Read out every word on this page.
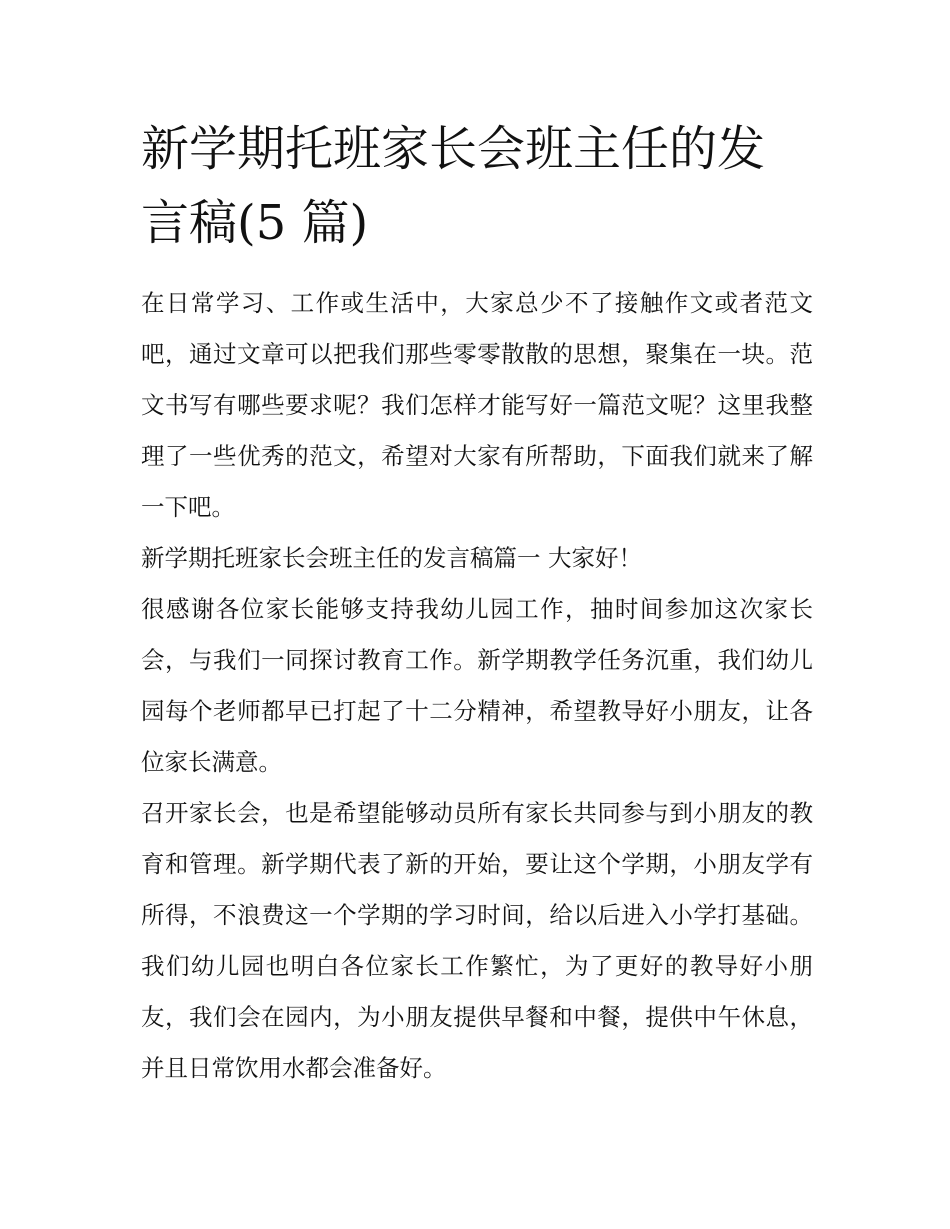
新学期托班家长会班主任的发言稿(5 篇)

在日常学习、工作或生活中，大家总少不了接触作文或者范文吧，通过文章可以把我们那些零零散散的思想，聚集在一块。范文书写有哪些要求呢？我们怎样才能写好一篇范文呢？这里我整理了一些优秀的范文，希望对大家有所帮助，下面我们就来了解一下吧。

新学期托班家长会班主任的发言稿篇一 大家好！

很感谢各位家长能够支持我幼儿园工作，抽时间参加这次家长会，与我们一同探讨教育工作。新学期教学任务沉重，我们幼儿园每个老师都早已打起了十二分精神，希望教导好小朋友，让各位家长满意。

召开家长会，也是希望能够动员所有家长共同参与到小朋友的教育和管理。新学期代表了新的开始，要让这个学期，小朋友学有所得，不浪费这一个学期的学习时间，给以后进入小学打基础。我们幼儿园也明白各位家长工作繁忙，为了更好的教导好小朋友，我们会在园内，为小朋友提供早餐和中餐，提供中午休息，并且日常饮用水都会准备好。
